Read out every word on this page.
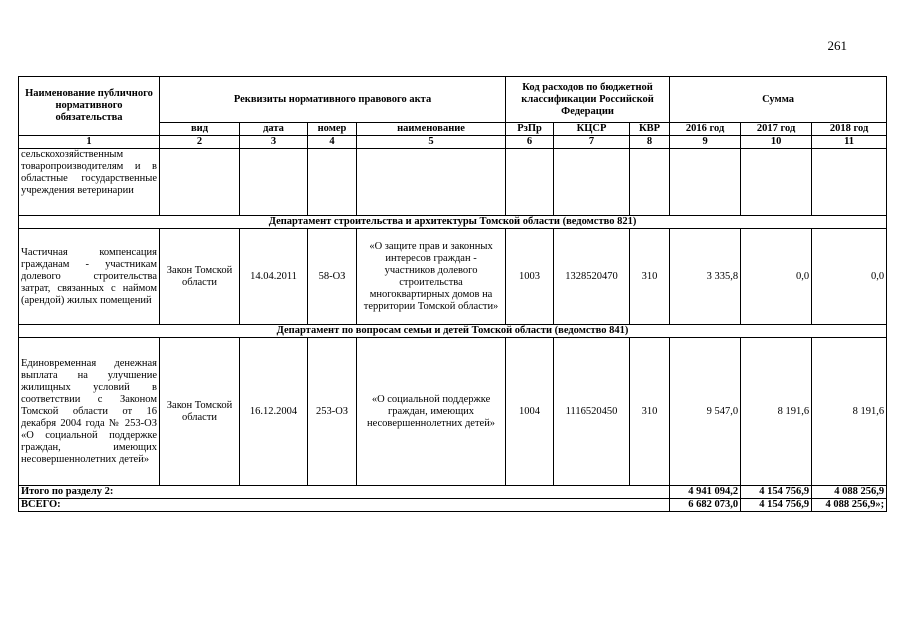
261
Наименование публичного нормативного обязательства	Реквизиты нормативного правового акта				Код расходов по бюджетной классификации Российской Федерации			Сумма		
	вид	дата	номер	наименование	РзПр	КЦСР	КВР	2016 год	2017 год	2018 год
1	2	3	4	5	6	7	8	9	10	11
сельскохозяйственным товаропроизводителям и в областные государственные учреждения ветеринарии										
Департамент строительства и архитектуры Томской области (ведомство 821)										
Частичная компенсация гражданам - участникам долевого строительства затрат, связанных с наймом (арендой) жилых помещений	Закон Томской области	14.04.2011	58-ОЗ	«О защите прав и законных интересов граждан - участников долевого строительства многоквартирных домов на территории Томской области»	1003	1328520470	310	3 335,8	0,0	0,0
Департамент по вопросам семьи и детей Томской области (ведомство 841)										
Единовременная денежная выплата на улучшение жилищных условий в соответствии с Законом Томской области от 16 декабря 2004 года № 253-ОЗ «О социальной поддержке граждан, имеющих несовершеннолетних детей»	Закон Томской области	16.12.2004	253-ОЗ	«О социальной поддержке граждан, имеющих несовершеннолетних детей»	1004	1116520450	310	9 547,0	8 191,6	8 191,6
Итого по разделу 2:								4 941 094,2	4 154 756,9	4 088 256,9
ВСЕГО:								6 682 073,0	4 154 756,9	4 088 256,9»;
